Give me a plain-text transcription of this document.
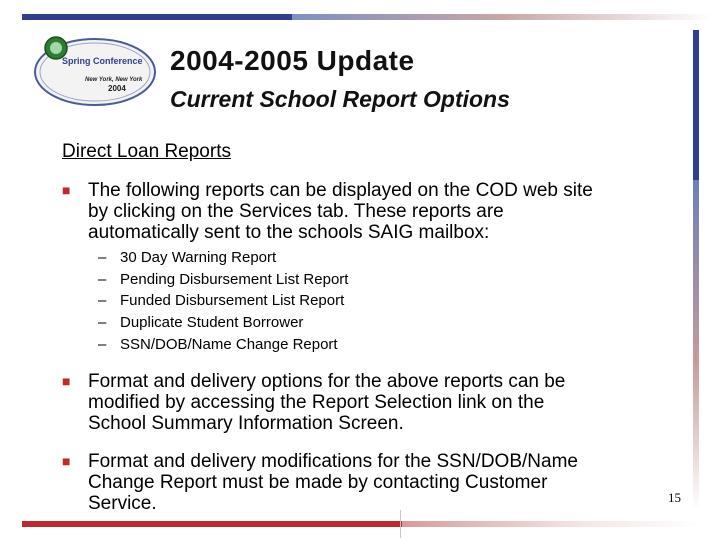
Spring Conference
New York, New York
2004
2004-2005 Update
Current School Report Options
Direct Loan Reports
■ The following reports can be displayed on the COD web site
by clicking on the Services tab. These reports are
automatically sent to the schools SAIG mailbox:
– 30 Day Warning Report
– Pending Disbursement List Report
– Funded Disbursement List Report
– Duplicate Student Borrower
– SSN/DOB/Name Change Report
■ Format and delivery options for the above reports can be
modified by accessing the Report Selection link on the
School Summary Information Screen.
■ Format and delivery modifications for the SSN/DOB/Name
Change Report must be made by contacting Customer
Service.	15
